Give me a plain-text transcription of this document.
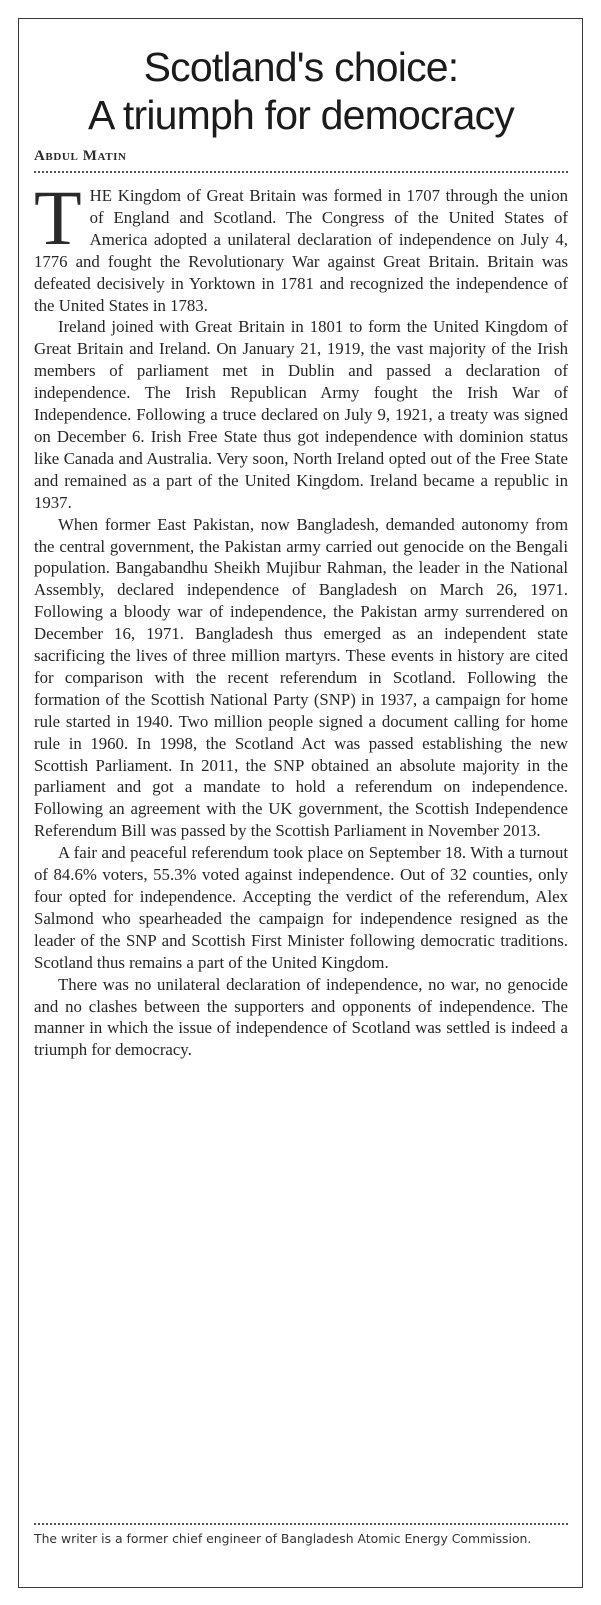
Scotland's choice:
A triumph for democracy
Abdul Matin

THE Kingdom of Great Britain was formed in 1707 through the union of England and Scotland. The Congress of the United States of America adopted a unilateral declaration of independence on July 4, 1776 and fought the Revolutionary War against Great Britain. Britain was defeated decisively in Yorktown in 1781 and recognized the independence of the United States in 1783.

Ireland joined with Great Britain in 1801 to form the United Kingdom of Great Britain and Ireland. On January 21, 1919, the vast majority of the Irish members of parliament met in Dublin and passed a declaration of independence. The Irish Republican Army fought the Irish War of Independence. Following a truce declared on July 9, 1921, a treaty was signed on December 6. Irish Free State thus got independence with dominion status like Canada and Australia. Very soon, North Ireland opted out of the Free State and remained as a part of the United Kingdom. Ireland became a republic in 1937.

When former East Pakistan, now Bangladesh, demanded autonomy from the central government, the Pakistan army carried out genocide on the Bengali population. Bangabandhu Sheikh Mujibur Rahman, the leader in the National Assembly, declared independence of Bangladesh on March 26, 1971. Following a bloody war of independence, the Pakistan army surrendered on December 16, 1971. Bangladesh thus emerged as an independent state sacrificing the lives of three million martyrs. These events in history are cited for comparison with the recent referendum in Scotland. Following the formation of the Scottish National Party (SNP) in 1937, a campaign for home rule started in 1940. Two million people signed a document calling for home rule in 1960. In 1998, the Scotland Act was passed establishing the new Scottish Parliament. In 2011, the SNP obtained an absolute majority in the parliament and got a mandate to hold a referendum on independence. Following an agreement with the UK government, the Scottish Independence Referendum Bill was passed by the Scottish Parliament in November 2013.

A fair and peaceful referendum took place on September 18. With a turnout of 84.6% voters, 55.3% voted against independence. Out of 32 counties, only four opted for independence. Accepting the verdict of the referendum, Alex Salmond who spearheaded the campaign for independence resigned as the leader of the SNP and Scottish First Minister following democratic traditions. Scotland thus remains a part of the United Kingdom.

There was no unilateral declaration of independence, no war, no genocide and no clashes between the supporters and opponents of independence. The manner in which the issue of independence of Scotland was settled is indeed a triumph for democracy.

The writer is a former chief engineer of Bangladesh Atomic Energy Commission.
